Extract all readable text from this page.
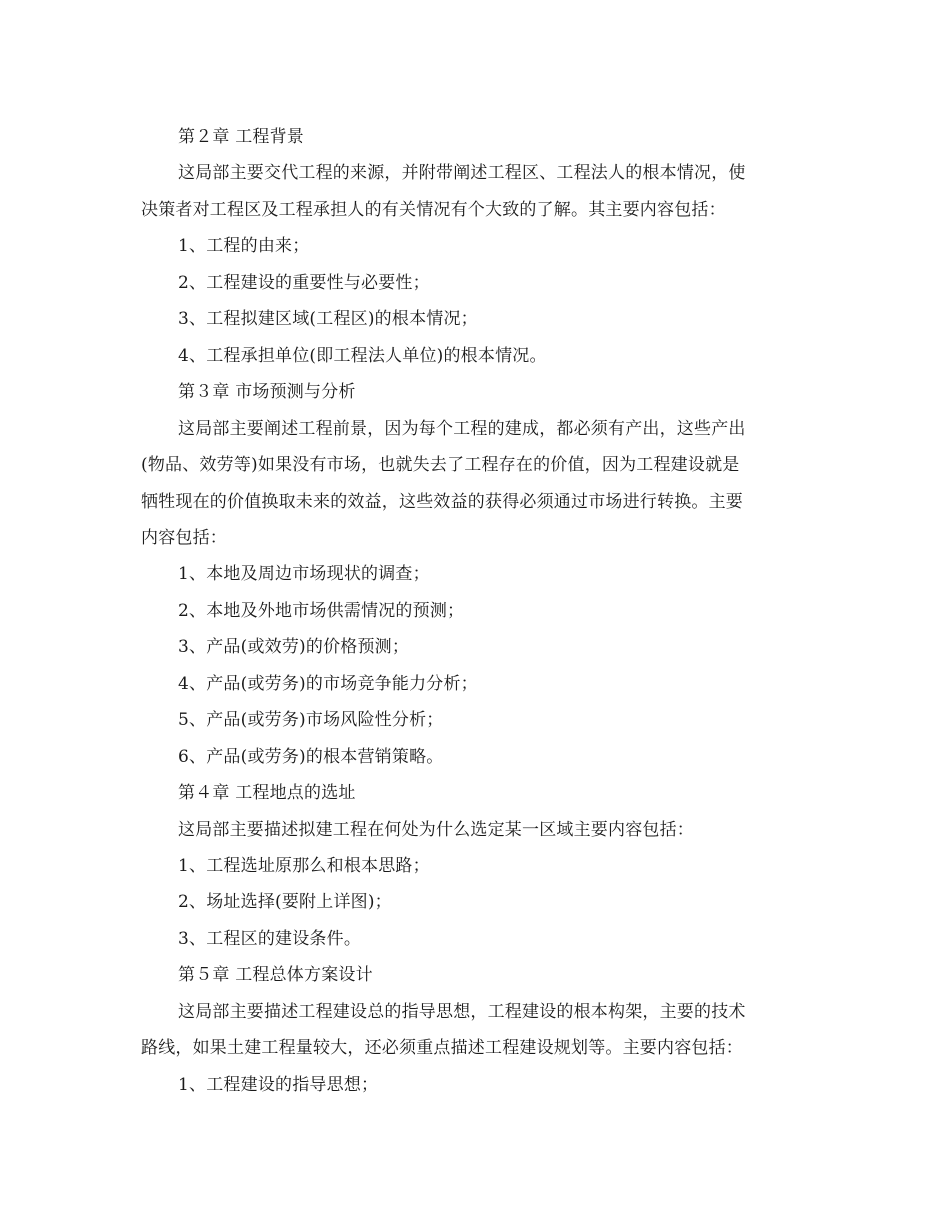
第２章 工程背景
这局部主要交代工程的来源，并附带阐述工程区、工程法人的根本情况，使
决策者对工程区及工程承担人的有关情况有个大致的了解。其主要内容包括：
1、工程的由来；
2、工程建设的重要性与必要性；
3、工程拟建区域(工程区)的根本情况；
4、工程承担单位(即工程法人单位)的根本情况。
第３章 市场预测与分析
这局部主要阐述工程前景，因为每个工程的建成，都必须有产出，这些产出
(物品、效劳等)如果没有市场，也就失去了工程存在的价值，因为工程建设就是
牺牲现在的价值换取未来的效益，这些效益的获得必须通过市场进行转换。主要
内容包括：
1、本地及周边市场现状的调查；
2、本地及外地市场供需情况的预测；
3、产品(或效劳)的价格预测；
4、产品(或劳务)的市场竞争能力分析；
5、产品(或劳务)市场风险性分析；
6、产品(或劳务)的根本营销策略。
第４章 工程地点的选址
这局部主要描述拟建工程在何处为什么选定某一区域主要内容包括：
1、工程选址原那么和根本思路；
2、场址选择(要附上详图)；
3、工程区的建设条件。
第５章 工程总体方案设计
这局部主要描述工程建设总的指导思想，工程建设的根本构架，主要的技术
路线，如果土建工程量较大，还必须重点描述工程建设规划等。主要内容包括：
1、工程建设的指导思想；
